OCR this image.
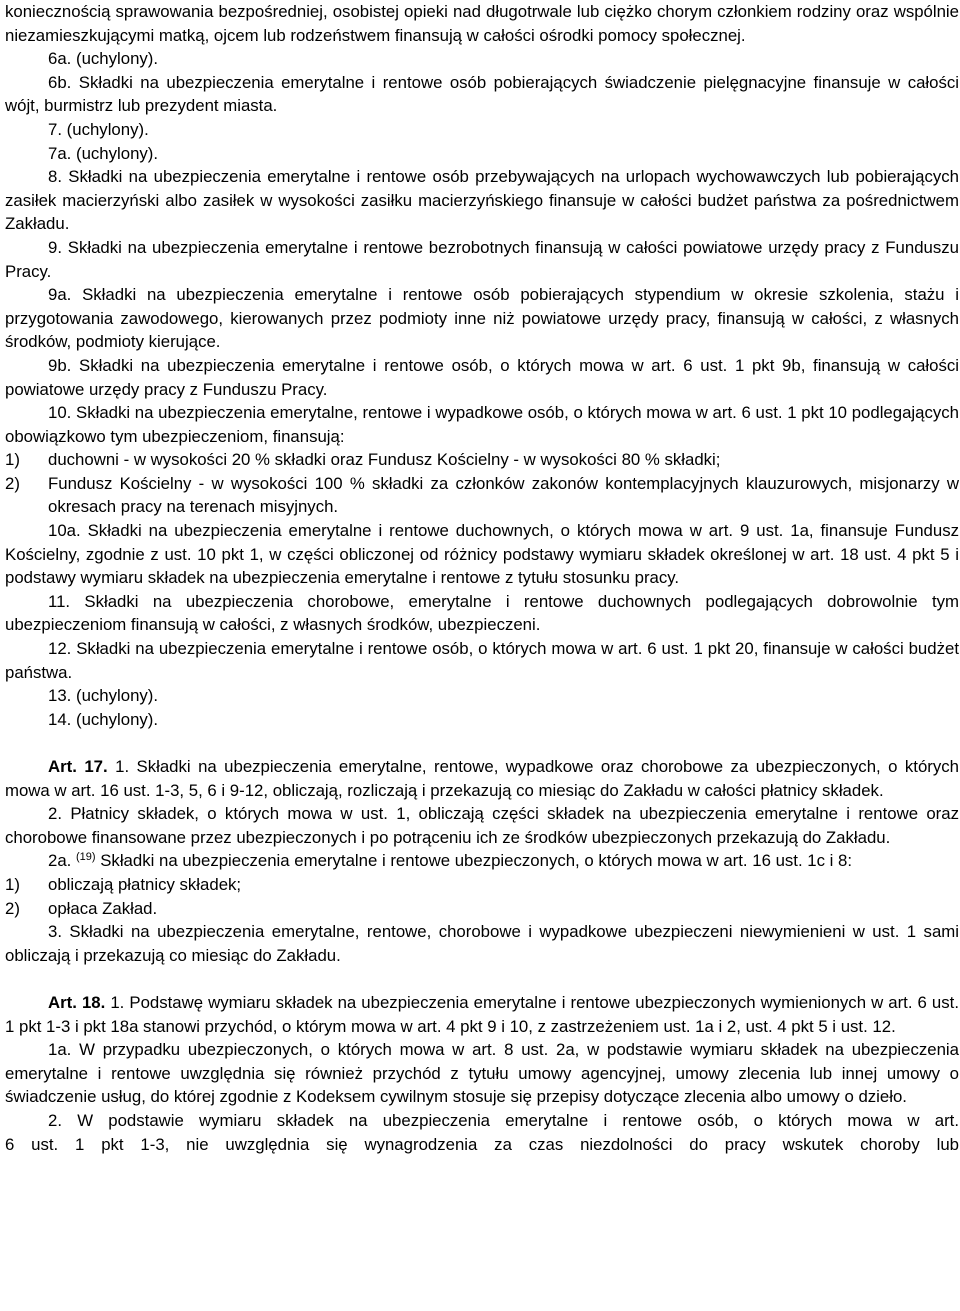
koniecznością sprawowania bezpośredniej, osobistej opieki nad długotrwale lub ciężko chorym członkiem rodziny oraz wspólnie niezamieszkującymi matką, ojcem lub rodzeństwem finansują w całości ośrodki pomocy społecznej.

6a. (uchylony).

6b. Składki na ubezpieczenia emerytalne i rentowe osób pobierających świadczenie pielęgnacyjne finansuje w całości wójt, burmistrz lub prezydent miasta.

7. (uchylony).

7a. (uchylony).

8. Składki na ubezpieczenia emerytalne i rentowe osób przebywających na urlopach wychowawczych lub pobierających zasiłek macierzyński albo zasiłek w wysokości zasiłku macierzyńskiego finansuje w całości budżet państwa za pośrednictwem Zakładu.

9. Składki na ubezpieczenia emerytalne i rentowe bezrobotnych finansują w całości powiatowe urzędy pracy z Funduszu Pracy.

9a. Składki na ubezpieczenia emerytalne i rentowe osób pobierających stypendium w okresie szkolenia, stażu i przygotowania zawodowego, kierowanych przez podmioty inne niż powiatowe urzędy pracy, finansują w całości, z własnych środków, podmioty kierujące.

9b. Składki na ubezpieczenia emerytalne i rentowe osób, o których mowa w art. 6 ust. 1 pkt 9b, finansują w całości powiatowe urzędy pracy z Funduszu Pracy.

10. Składki na ubezpieczenia emerytalne, rentowe i wypadkowe osób, o których mowa w art. 6 ust. 1 pkt 10 podlegających obowiązkowo tym ubezpieczeniom, finansują:

1)	duchowni - w wysokości 20 % składki oraz Fundusz Kościelny - w wysokości 80 % składki;
2)	Fundusz Kościelny - w wysokości 100 % składki za członków zakonów kontemplacyjnych klauzurowych, misjonarzy w okresach pracy na terenach misyjnych.

10a. Składki na ubezpieczenia emerytalne i rentowe duchownych, o których mowa w art. 9 ust. 1a, finansuje Fundusz Kościelny, zgodnie z ust. 10 pkt 1, w części obliczonej od różnicy podstawy wymiaru składek określonej w art. 18 ust. 4 pkt 5 i podstawy wymiaru składek na ubezpieczenia emerytalne i rentowe z tytułu stosunku pracy.

11. Składki na ubezpieczenia chorobowe, emerytalne i rentowe duchownych podlegających dobrowolnie tym ubezpieczeniom finansują w całości, z własnych środków, ubezpieczeni.

12. Składki na ubezpieczenia emerytalne i rentowe osób, o których mowa w art. 6 ust. 1 pkt 20, finansuje w całości budżet państwa.

13. (uchylony).

14. (uchylony).

Art. 17. 1. Składki na ubezpieczenia emerytalne, rentowe, wypadkowe oraz chorobowe za ubezpieczonych, o których mowa w art. 16 ust. 1-3, 5, 6 i 9-12, obliczają, rozliczają i przekazują co miesiąc do Zakładu w całości płatnicy składek.

2. Płatnicy składek, o których mowa w ust. 1, obliczają części składek na ubezpieczenia emerytalne i rentowe oraz chorobowe finansowane przez ubezpieczonych i po potrąceniu ich ze środków ubezpieczonych przekazują do Zakładu.

2a. $^{(19)}$ Składki na ubezpieczenia emerytalne i rentowe ubezpieczonych, o których mowa w art. 16 ust. 1c i 8:

1)	obliczają płatnicy składek;
2)	opłaca Zakład.

3. Składki na ubezpieczenia emerytalne, rentowe, chorobowe i wypadkowe ubezpieczeni niewymienieni w ust. 1 sami obliczają i przekazują co miesiąc do Zakładu.

Art. 18. 1. Podstawę wymiaru składek na ubezpieczenia emerytalne i rentowe ubezpieczonych wymienionych w art. 6 ust. 1 pkt 1-3 i pkt 18a stanowi przychód, o którym mowa w art. 4 pkt 9 i 10, z zastrzeżeniem ust. 1a i 2, ust. 4 pkt 5 i ust. 12.

1a. W przypadku ubezpieczonych, o których mowa w art. 8 ust. 2a, w podstawie wymiaru składek na ubezpieczenia emerytalne i rentowe uwzględnia się również przychód z tytułu umowy agencyjnej, umowy zlecenia lub innej umowy o świadczenie usług, do której zgodnie z Kodeksem cywilnym stosuje się przepisy dotyczące zlecenia albo umowy o dzieło.

2. W podstawie wymiaru składek na ubezpieczenia emerytalne i rentowe osób, o których mowa w art.

6 ust. 1 pkt 1-3, nie uwzględnia się wynagrodzenia za czas niezdolności do pracy wskutek choroby lub
